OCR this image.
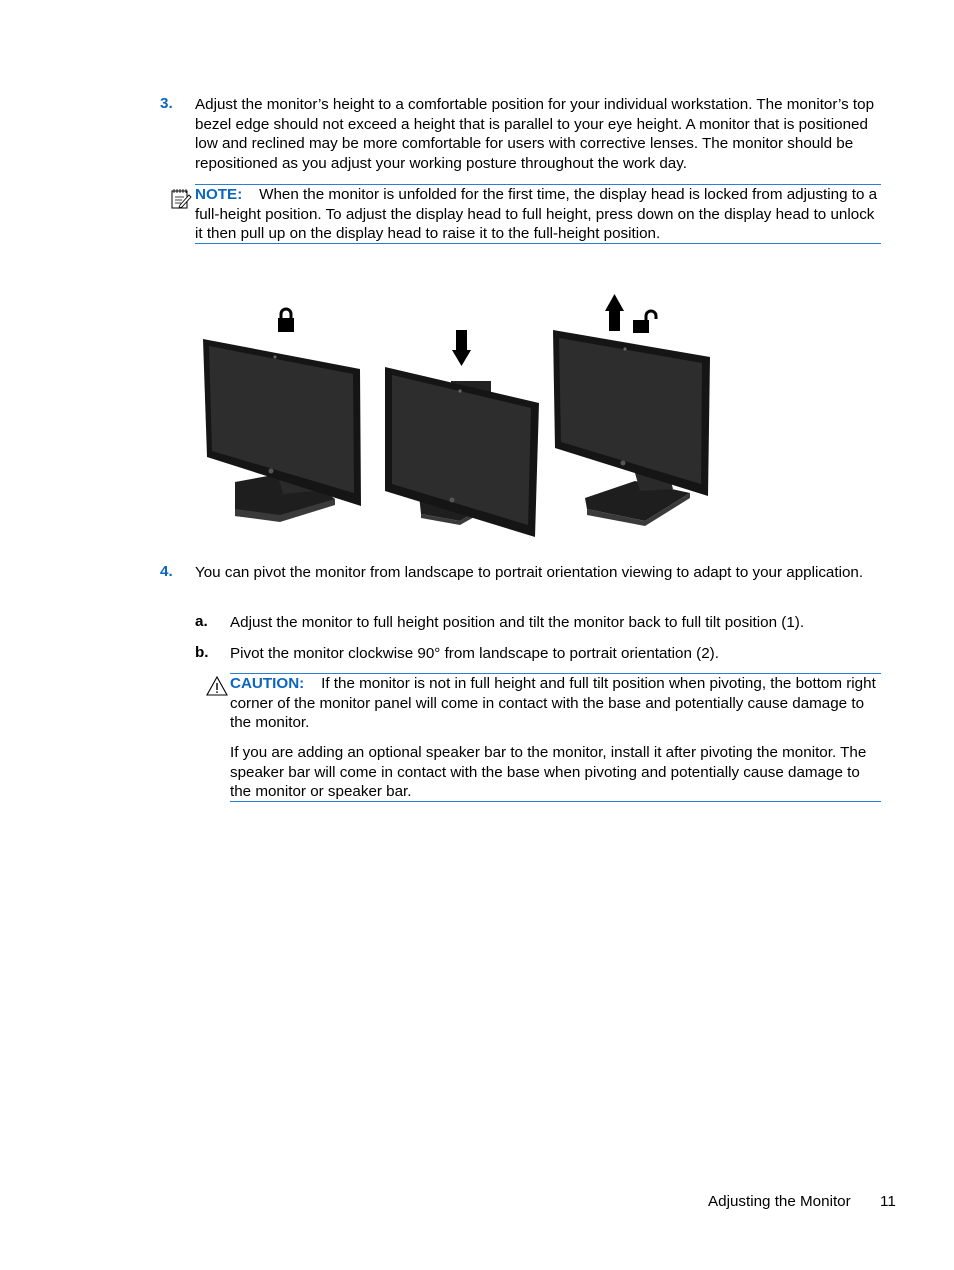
3. Adjust the monitor’s height to a comfortable position for your individual workstation. The monitor’s top bezel edge should not exceed a height that is parallel to your eye height. A monitor that is positioned low and reclined may be more comfortable for users with corrective lenses. The monitor should be repositioned as you adjust your working posture throughout the work day.
NOTE: When the monitor is unfolded for the first time, the display head is locked from adjusting to a full-height position. To adjust the display head to full height, press down on the display head to unlock it then pull up on the display head to raise it to the full-height position.
4. You can pivot the monitor from landscape to portrait orientation viewing to adapt to your application.
a. Adjust the monitor to full height position and tilt the monitor back to full tilt position (1).
b. Pivot the monitor clockwise 90° from landscape to portrait orientation (2).
CAUTION: If the monitor is not in full height and full tilt position when pivoting, the bottom right corner of the monitor panel will come in contact with the base and potentially cause damage to the monitor.
If you are adding an optional speaker bar to the monitor, install it after pivoting the monitor. The speaker bar will come in contact with the base when pivoting and potentially cause damage to the monitor or speaker bar.
Adjusting the Monitor 11
